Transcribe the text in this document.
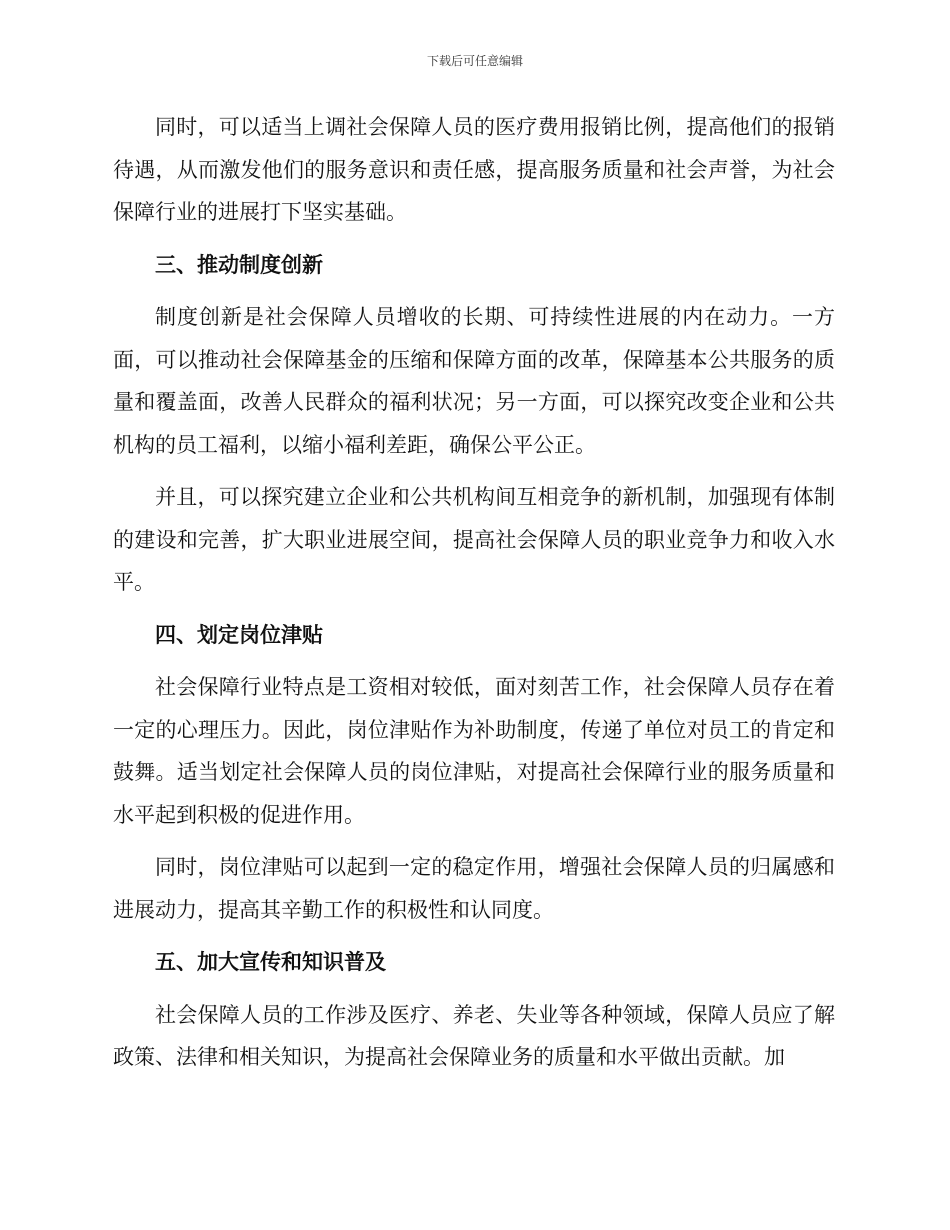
下载后可任意编辑

同时，可以适当上调社会保障人员的医疗费用报销比例，提高他们的报销待遇，从而激发他们的服务意识和责任感，提高服务质量和社会声誉，为社会保障行业的进展打下坚实基础。

三、推动制度创新

制度创新是社会保障人员增收的长期、可持续性进展的内在动力。一方面，可以推动社会保障基金的压缩和保障方面的改革，保障基本公共服务的质量和覆盖面，改善人民群众的福利状况；另一方面，可以探究改变企业和公共机构的员工福利，以缩小福利差距，确保公平公正。

并且，可以探究建立企业和公共机构间互相竞争的新机制，加强现有体制的建设和完善，扩大职业进展空间，提高社会保障人员的职业竞争力和收入水平。

四、划定岗位津贴

社会保障行业特点是工资相对较低，面对刻苦工作，社会保障人员存在着一定的心理压力。因此，岗位津贴作为补助制度，传递了单位对员工的肯定和鼓舞。适当划定社会保障人员的岗位津贴，对提高社会保障行业的服务质量和水平起到积极的促进作用。

同时，岗位津贴可以起到一定的稳定作用，增强社会保障人员的归属感和进展动力，提高其辛勤工作的积极性和认同度。

五、加大宣传和知识普及

社会保障人员的工作涉及医疗、养老、失业等各种领域，保障人员应了解政策、法律和相关知识，为提高社会保障业务的质量和水平做出贡献。加
